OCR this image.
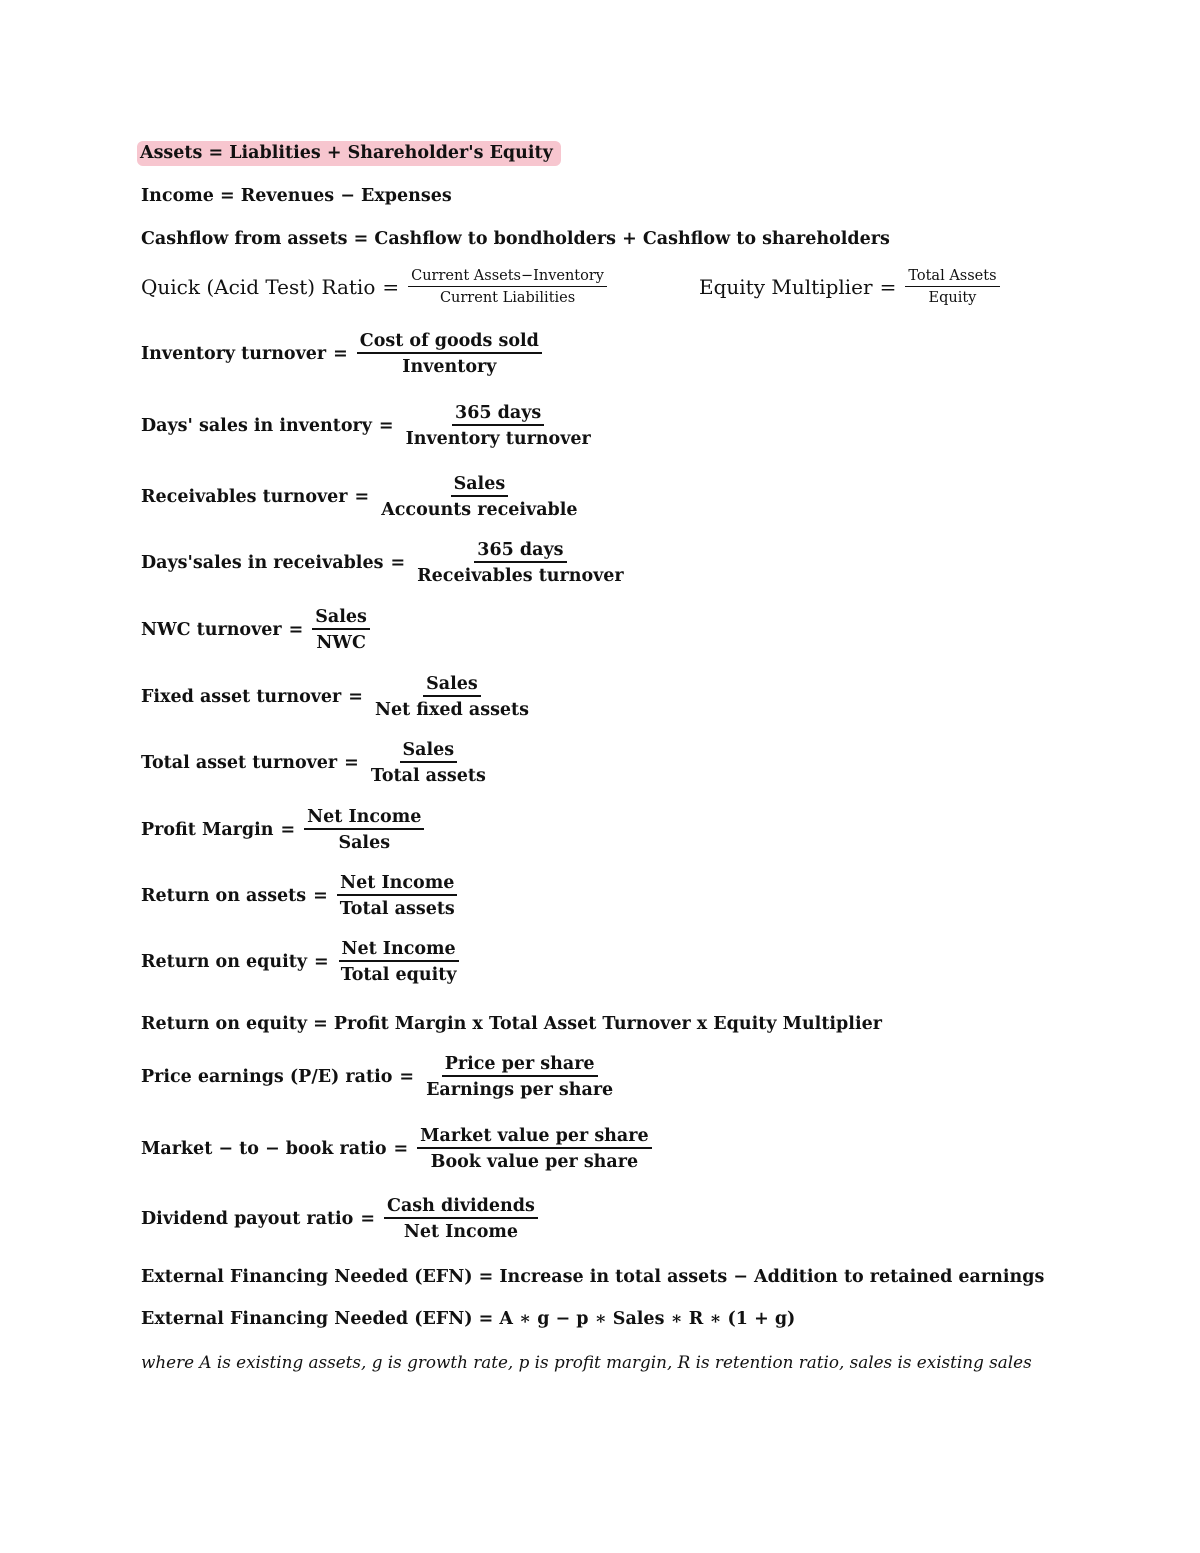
Assets = Liablities + Shareholder's Equity
Income = Revenues − Expenses
Cashflow from assets = Cashflow to bondholders + Cashflow to shareholders
Quick (Acid Test) Ratio = $\frac{\text{Current Assets−Inventory}}{\text{Current Liabilities}}$	Equity Multiplier = $\frac{\text{Total Assets}}{\text{Equity}}$
Inventory turnover = $\frac{\text{Cost of goods sold}}{\text{Inventory}}$
Days' sales in inventory = $\frac{\text{365 days}}{\text{Inventory turnover}}$
Receivables turnover = $\frac{\text{Sales}}{\text{Accounts receivable}}$
Days'sales in receivables = $\frac{\text{365 days}}{\text{Receivables turnover}}$
NWC turnover = $\frac{\text{Sales}}{\text{NWC}}$
Fixed asset turnover = $\frac{\text{Sales}}{\text{Net fixed assets}}$
Total asset turnover = $\frac{\text{Sales}}{\text{Total assets}}$
Profit Margin = $\frac{\text{Net Income}}{\text{Sales}}$
Return on assets = $\frac{\text{Net Income}}{\text{Total assets}}$
Return on equity = $\frac{\text{Net Income}}{\text{Total equity}}$
Return on equity = Profit Margin x Total Asset Turnover x Equity Multiplier
Price earnings (P/E) ratio = $\frac{\text{Price per share}}{\text{Earnings per share}}$
Market − to − book ratio = $\frac{\text{Market value per share}}{\text{Book value per share}}$
Dividend payout ratio = $\frac{\text{Cash dividends}}{\text{Net Income}}$
External Financing Needed (EFN) = Increase in total assets − Addition to retained earnings
External Financing Needed (EFN) = A ∗ g − p ∗ Sales ∗ R ∗ (1 + g)
where A is existing assets, g is growth rate, p is profit margin, R is retention ratio, sales is existing sales
